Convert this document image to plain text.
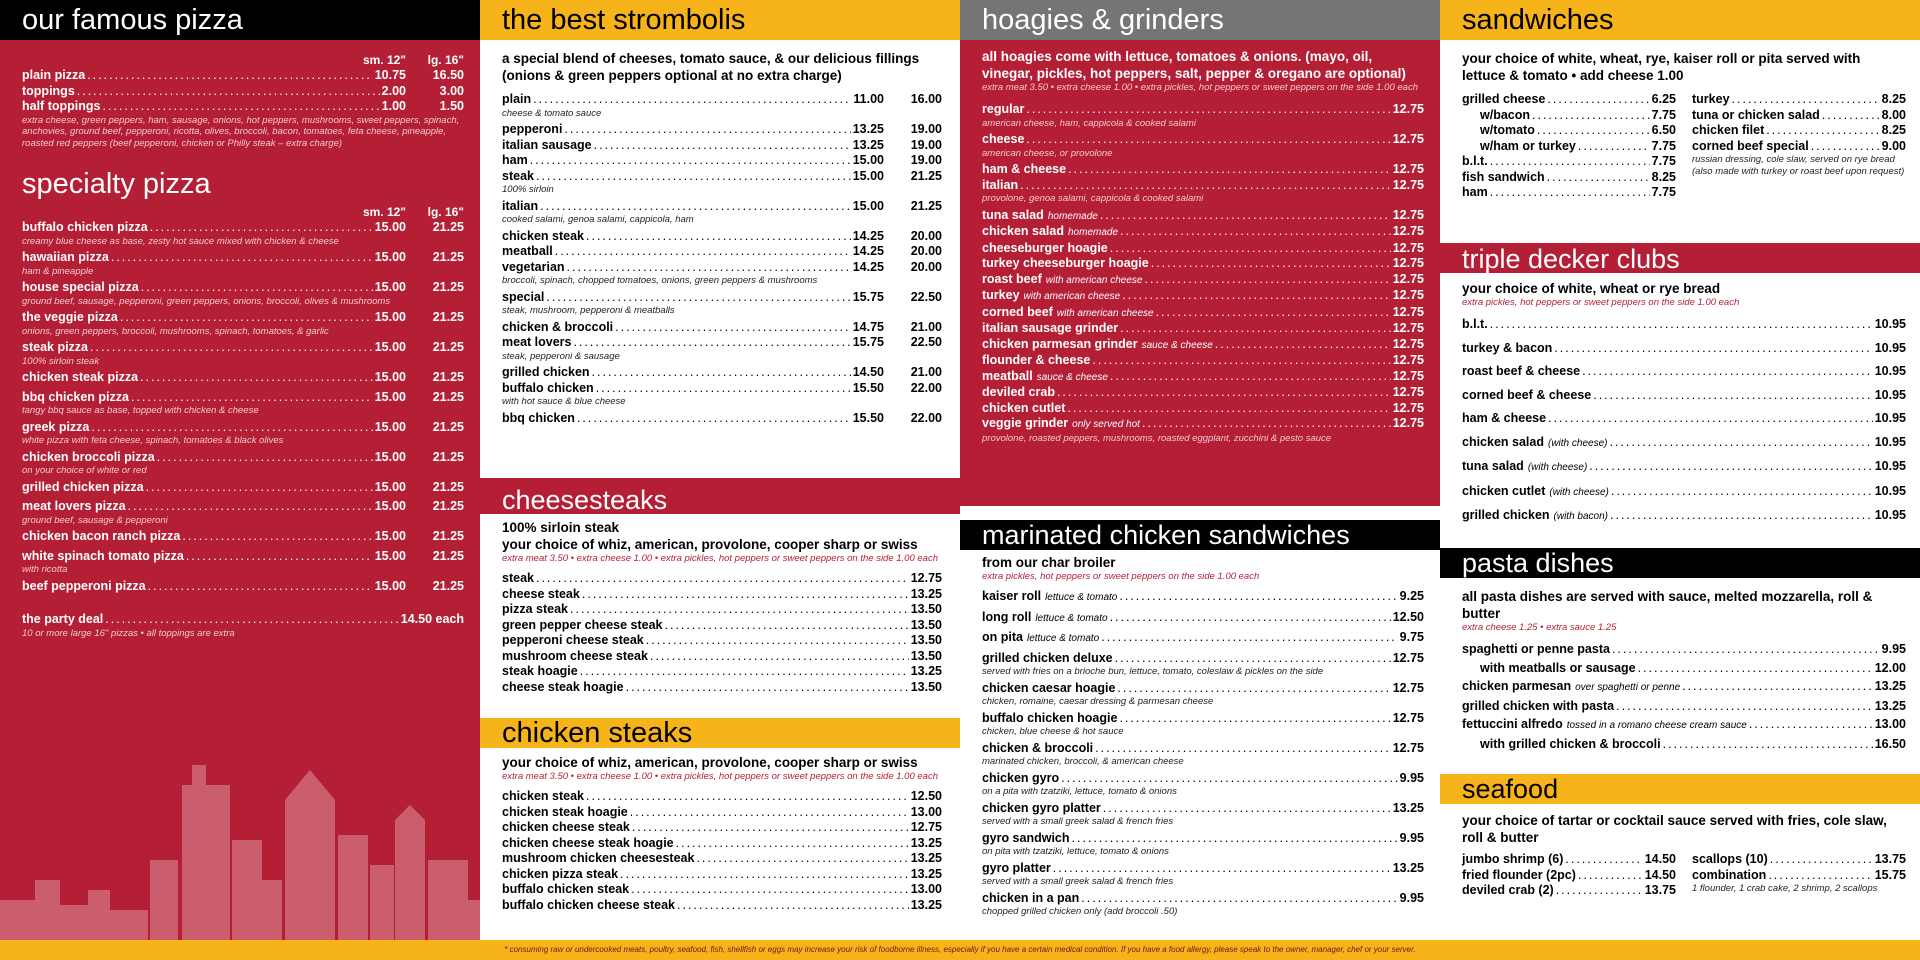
our famous pizza
sm. 12"	lg. 16"
plain pizza .....	10.75	16.50
toppings .....	2.00	3.00
half toppings .....	1.00	1.50
extra cheese, green peppers, ham, sausage, onions, hot peppers, mushrooms, sweet peppers, spinach, anchovies, ground beef, pepperoni, ricotta, olives, broccoli, bacon, tomatoes, feta cheese, pineapple, roasted red peppers (beef pepperoni, chicken or Philly steak – extra charge)
specialty pizza
sm. 12"	lg. 16"
buffalo chicken pizza .....	15.00	21.25
creamy blue cheese as base, zesty hot sauce mixed with chicken & cheese
hawaiian pizza .....	15.00	21.25
ham & pineapple
house special pizza .....	15.00	21.25
ground beef, sausage, pepperoni, green peppers, onions, broccoli, olives & mushrooms
the veggie pizza .....	15.00	21.25
onions, green peppers, broccoli, mushrooms, spinach, tomatoes, & garlic
steak pizza .....	15.00	21.25
100% sirloin steak
chicken steak pizza .....	15.00	21.25
bbq chicken pizza .....	15.00	21.25
tangy bbq sauce as base, topped with chicken & cheese
greek pizza .....	15.00	21.25
white pizza with feta cheese, spinach, tomatoes & black olives
chicken broccoli pizza .....	15.00	21.25
on your choice of white or red
grilled chicken pizza .....	15.00	21.25
meat lovers pizza .....	15.00	21.25
ground beef, sausage & pepperoni
chicken bacon ranch pizza .....	15.00	21.25
white spinach tomato pizza .....	15.00	21.25
with ricotta
beef pepperoni pizza .....	15.00	21.25
the party deal .....	14.50 each
10 or more large 16" pizzas • all toppings are extra
the best strombolis
a special blend of cheeses, tomato sauce, & our delicious fillings (onions & green peppers optional at no extra charge)
plain .....	11.00	16.00
cheese & tomato sauce
pepperoni .....	13.25	19.00
italian sausage .....	13.25	19.00
ham .....	15.00	19.00
steak .....	15.00	21.25
100% sirloin
italian .....	15.00	21.25
cooked salami, genoa salami, cappicola, ham
chicken steak .....	14.25	20.00
meatball .....	14.25	20.00
vegetarian .....	14.25	20.00
broccoli, spinach, chopped tomatoes, onions, green peppers & mushrooms
special .....	15.75	22.50
steak, mushroom, pepperoni & meatballs
chicken & broccoli .....	14.75	21.00
meat lovers .....	15.75	22.50
steak, pepperoni & sausage
grilled chicken .....	14.50	21.00
buffalo chicken .....	15.50	22.00
with hot sauce & blue cheese
bbq chicken .....	15.50	22.00
cheesesteaks
100% sirloin steak
your choice of whiz, american, provolone, cooper sharp or swiss
extra meat 3.50 • extra cheese 1.00 • extra pickles, hot peppers or sweet peppers on the side 1.00 each
steak .....	12.75
cheese steak .....	13.25
pizza steak .....	13.50
green pepper cheese steak .....	13.50
pepperoni cheese steak .....	13.50
mushroom cheese steak .....	13.50
steak hoagie .....	13.25
cheese steak hoagie .....	13.50
chicken steaks
your choice of whiz, american, provolone, cooper sharp or swiss
extra meat 3.50 • extra cheese 1.00 • extra pickles, hot peppers or sweet peppers on the side 1.00 each
chicken steak .....	12.50
chicken steak hoagie .....	13.00
chicken cheese steak .....	12.75
chicken cheese steak hoagie .....	13.25
mushroom chicken cheesesteak .....	13.25
chicken pizza steak .....	13.25
buffalo chicken steak .....	13.00
buffalo chicken cheese steak .....	13.25
hoagies & grinders
all hoagies come with lettuce, tomatoes & onions. (mayo, oil, vinegar, pickles, hot peppers, salt, pepper & oregano are optional)
extra meat 3.50 • extra cheese 1.00 • extra pickles, hot peppers or sweet peppers on the side 1.00 each
regular .....	12.75
american cheese, ham, cappicola & cooked salami
cheese .....	12.75
american cheese, or provolone
ham & cheese .....	12.75
italian .....	12.75
provolone, genoa salami, cappicola & cooked salami
tuna salad homemade .....	12.75
chicken salad homemade .....	12.75
cheeseburger hoagie .....	12.75
turkey cheeseburger hoagie .....	12.75
roast beef with american cheese .....	12.75
turkey with american cheese .....	12.75
corned beef with american cheese .....	12.75
italian sausage grinder .....	12.75
chicken parmesan grinder sauce & cheese .....	12.75
flounder & cheese .....	12.75
meatball sauce & cheese .....	12.75
deviled crab .....	12.75
chicken cutlet .....	12.75
veggie grinder only served hot .....	12.75
provolone, roasted peppers, mushrooms, roasted eggplant, zucchini & pesto sauce
marinated chicken sandwiches
from our char broiler
extra pickles, hot peppers or sweet peppers on the side 1.00 each
kaiser roll lettuce & tomato .....	9.25
long roll lettuce & tomato .....	12.50
on pita lettuce & tomato .....	9.75
grilled chicken deluxe .....	12.75
served with fries on a brioche bun, lettuce, tomato, coleslaw & pickles on the side
chicken caesar hoagie .....	12.75
chicken, romaine, caesar dressing & parmesan cheese
buffalo chicken hoagie .....	12.75
chicken, blue cheese & hot sauce
chicken & broccoli .....	12.75
marinated chicken, broccoli, & american cheese
chicken gyro .....	9.95
on a pita with tzatziki, lettuce, tomato & onions
chicken gyro platter .....	13.25
served with a small greek salad & french fries
gyro sandwich .....	9.95
on pita with tzatziki, lettuce, tomato & onions
gyro platter .....	13.25
served with a small greek salad & french fries
chicken in a pan .....	9.95
chopped grilled chicken only (add broccoli .50)
sandwiches
your choice of white, wheat, rye, kaiser roll or pita served with lettuce & tomato • add cheese 1.00
grilled cheese .....	6.25
w/bacon .....	7.75
w/tomato .....	6.50
w/ham or turkey .....	7.75
b.l.t. .....	7.75
fish sandwich .....	8.25
ham .....	7.75
turkey .....	8.25
tuna or chicken salad .....	8.00
chicken filet .....	8.25
corned beef special .....	9.00
russian dressing, cole slaw, served on rye bread (also made with turkey or roast beef upon request)
triple decker clubs
your choice of white, wheat or rye bread
extra pickles, hot peppers or sweet peppers on the side 1.00 each
b.l.t. .....	10.95
turkey & bacon .....	10.95
roast beef & cheese .....	10.95
corned beef & cheese .....	10.95
ham & cheese .....	10.95
chicken salad (with cheese) .....	10.95
tuna salad (with cheese) .....	10.95
chicken cutlet (with cheese) .....	10.95
grilled chicken (with bacon) .....	10.95
pasta dishes
all pasta dishes are served with sauce, melted mozzarella, roll & butter
extra cheese 1.25 • extra sauce 1.25
spaghetti or penne pasta .....	9.95
with meatballs or sausage .....	12.00
chicken parmesan over spaghetti or penne .....	13.25
grilled chicken with pasta .....	13.25
fettuccini alfredo tossed in a romano cheese cream sauce .....	13.00
with grilled chicken & broccoli .....	16.50
seafood
your choice of tartar or cocktail sauce served with fries, cole slaw, roll & butter
jumbo shrimp (6) .....	14.50
fried flounder (2pc) .....	14.50
deviled crab (2) .....	13.75
scallops (10) .....	13.75
combination .....	15.75
1 flounder, 1 crab cake, 2 shrimp, 2 scallops
* consuming raw or undercooked meats, poultry, seafood, fish, shellfish or eggs may increase your risk of foodborne illness, especially if you have a certain medical condition. If you have a food allergy, please speak to the owner, manager, chef or your server.
